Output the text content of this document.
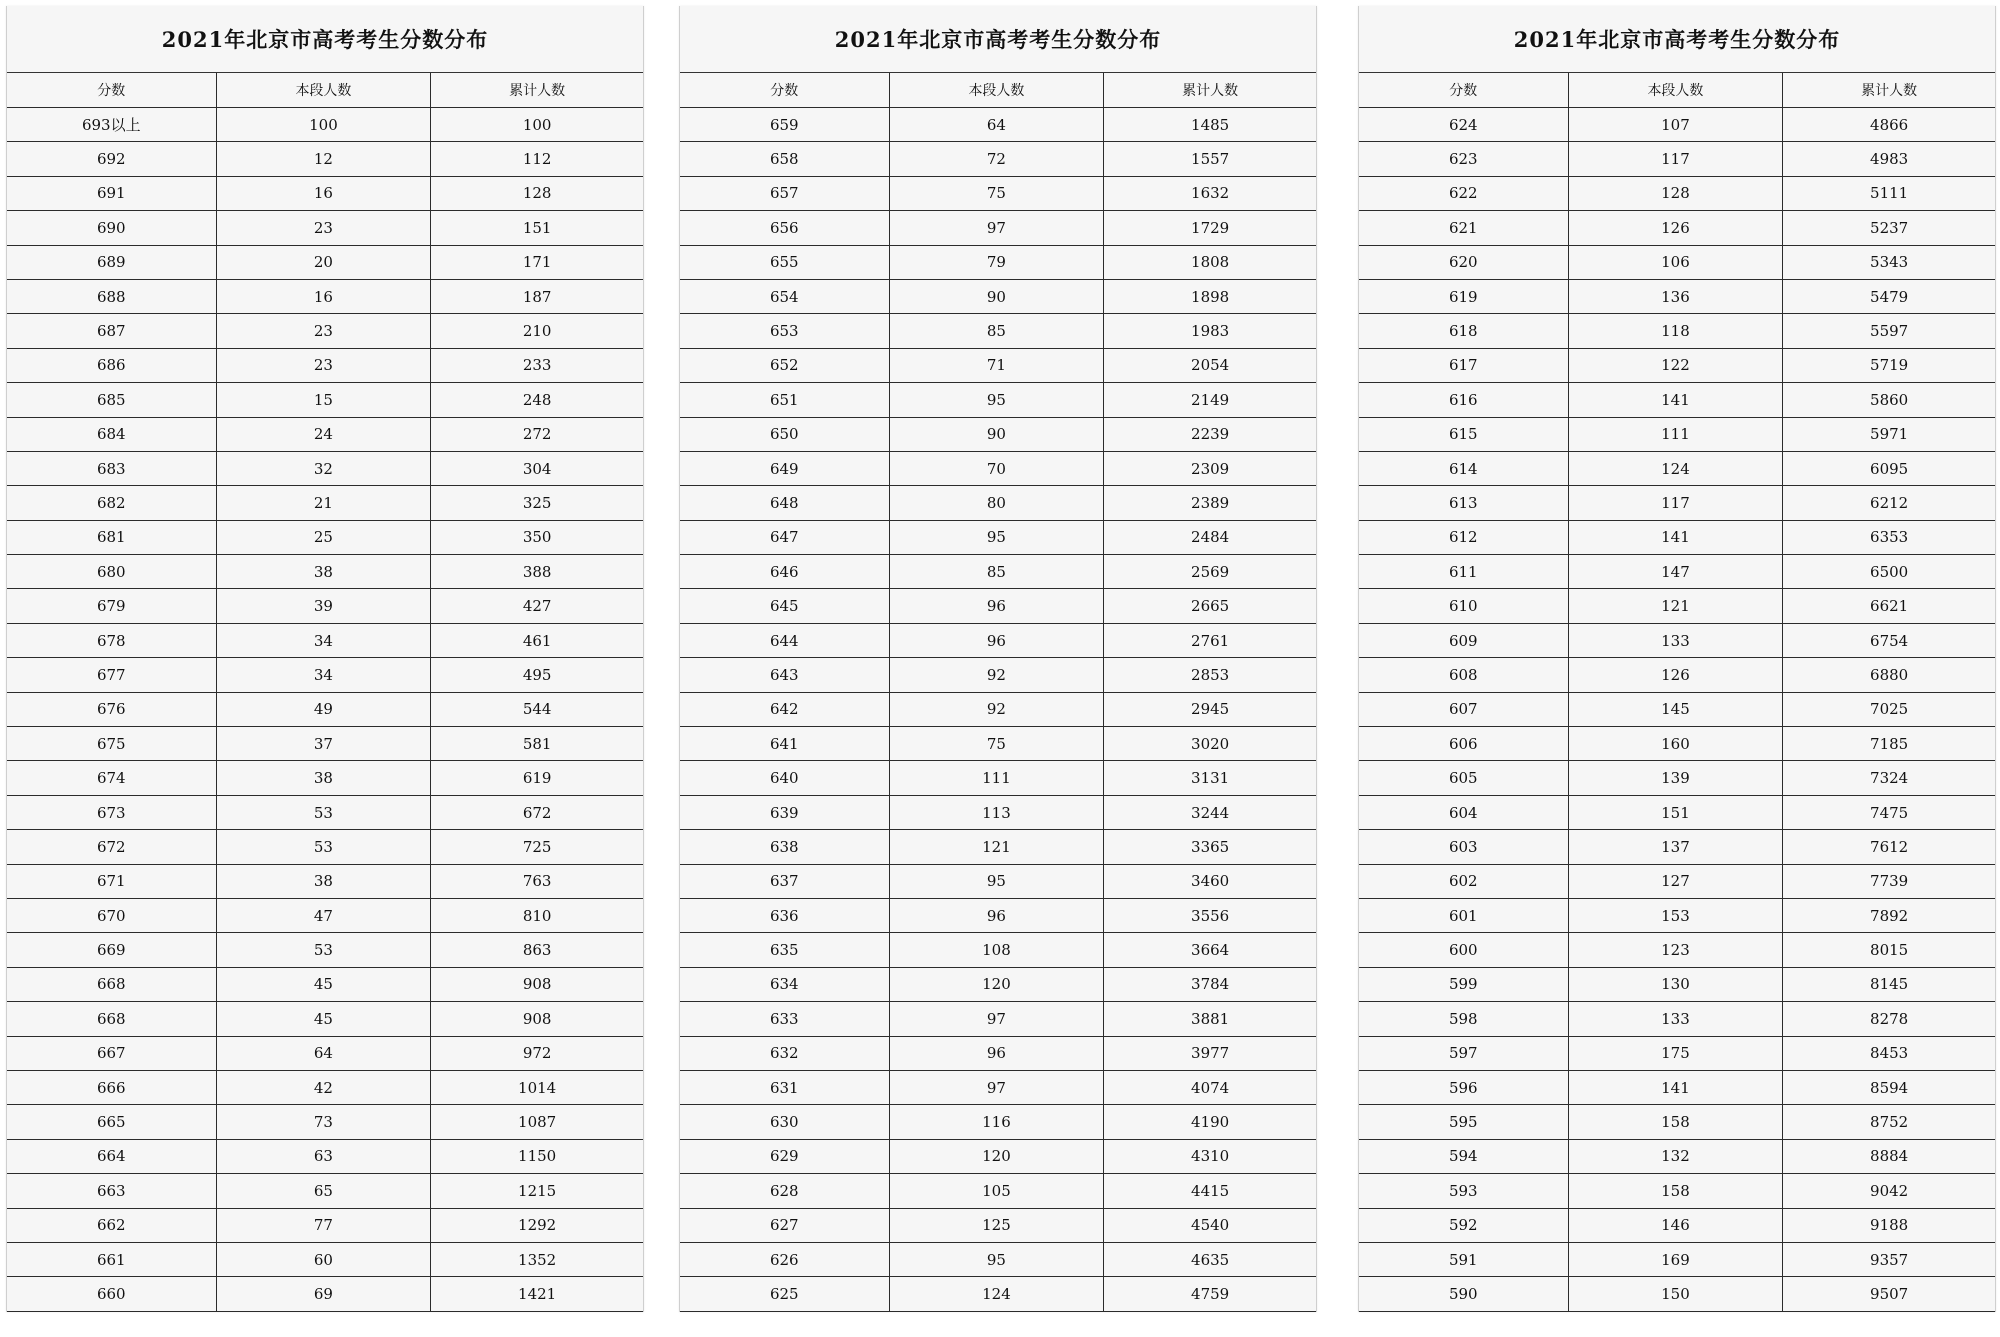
2021年北京市高考考生分数分布
分数	本段人数	累计人数
693以上	100	100
692	12	112
691	16	128
690	23	151
689	20	171
688	16	187
687	23	210
686	23	233
685	15	248
684	24	272
683	32	304
682	21	325
681	25	350
680	38	388
679	39	427
678	34	461
677	34	495
676	49	544
675	37	581
674	38	619
673	53	672
672	53	725
671	38	763
670	47	810
669	53	863
668	45	908
668	45	908
667	64	972
666	42	1014
665	73	1087
664	63	1150
663	65	1215
662	77	1292
661	60	1352
660	69	1421
2021年北京市高考考生分数分布
分数	本段人数	累计人数
659	64	1485
658	72	1557
657	75	1632
656	97	1729
655	79	1808
654	90	1898
653	85	1983
652	71	2054
651	95	2149
650	90	2239
649	70	2309
648	80	2389
647	95	2484
646	85	2569
645	96	2665
644	96	2761
643	92	2853
642	92	2945
641	75	3020
640	111	3131
639	113	3244
638	121	3365
637	95	3460
636	96	3556
635	108	3664
634	120	3784
633	97	3881
632	96	3977
631	97	4074
630	116	4190
629	120	4310
628	105	4415
627	125	4540
626	95	4635
625	124	4759
2021年北京市高考考生分数分布
分数	本段人数	累计人数
624	107	4866
623	117	4983
622	128	5111
621	126	5237
620	106	5343
619	136	5479
618	118	5597
617	122	5719
616	141	5860
615	111	5971
614	124	6095
613	117	6212
612	141	6353
611	147	6500
610	121	6621
609	133	6754
608	126	6880
607	145	7025
606	160	7185
605	139	7324
604	151	7475
603	137	7612
602	127	7739
601	153	7892
600	123	8015
599	130	8145
598	133	8278
597	175	8453
596	141	8594
595	158	8752
594	132	8884
593	158	9042
592	146	9188
591	169	9357
590	150	9507
